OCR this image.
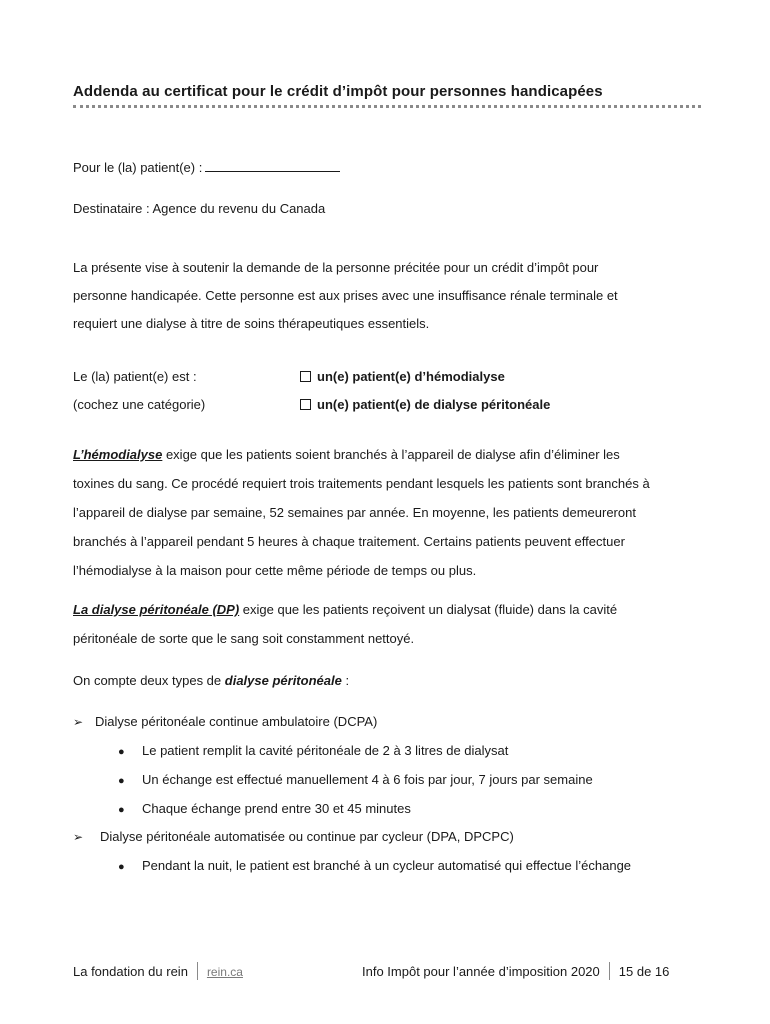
Addenda au certificat pour le crédit d’impôt pour personnes handicapées
Pour le (la) patient(e) :
Destinataire : Agence du revenu du Canada
La présente vise à soutenir la demande de la personne précitée pour un crédit d’impôt pour
personne handicapée. Cette personne est aux prises avec une insuffisance rénale terminale et
requiert une dialyse à titre de soins thérapeutiques essentiels.
Le (la) patient(e) est :
(cochez une catégorie)
un(e) patient(e) d’hémodialyse
un(e) patient(e) de dialyse péritonéale
L’hémodialyse exige que les patients soient branchés à l’appareil de dialyse afin d’éliminer les
toxines du sang. Ce procédé requiert trois traitements pendant lesquels les patients sont branchés à
l’appareil de dialyse par semaine, 52 semaines par année. En moyenne, les patients demeureront
branchés à l’appareil pendant 5 heures à chaque traitement. Certains patients peuvent effectuer
l’hémodialyse à la maison pour cette même période de temps ou plus.
La dialyse péritonéale (DP) exige que les patients reçoivent un dialysat (fluide) dans la cavité
péritonéale de sorte que le sang soit constamment nettoyé.
On compte deux types de dialyse péritonéale :
➢ Dialyse péritonéale continue ambulatoire (DCPA)
● Le patient remplit la cavité péritonéale de 2 à 3 litres de dialysat
● Un échange est effectué manuellement 4 à 6 fois par jour, 7 jours par semaine
● Chaque échange prend entre 30 et 45 minutes
➢ Dialyse péritonéale automatisée ou continue par cycleur (DPA, DPCPC)
● Pendant la nuit, le patient est branché à un cycleur automatisé qui effectue l’échange
La fondation du rein rein.ca	Info Impôt pour l’année d’imposition 2020 15 de 16
